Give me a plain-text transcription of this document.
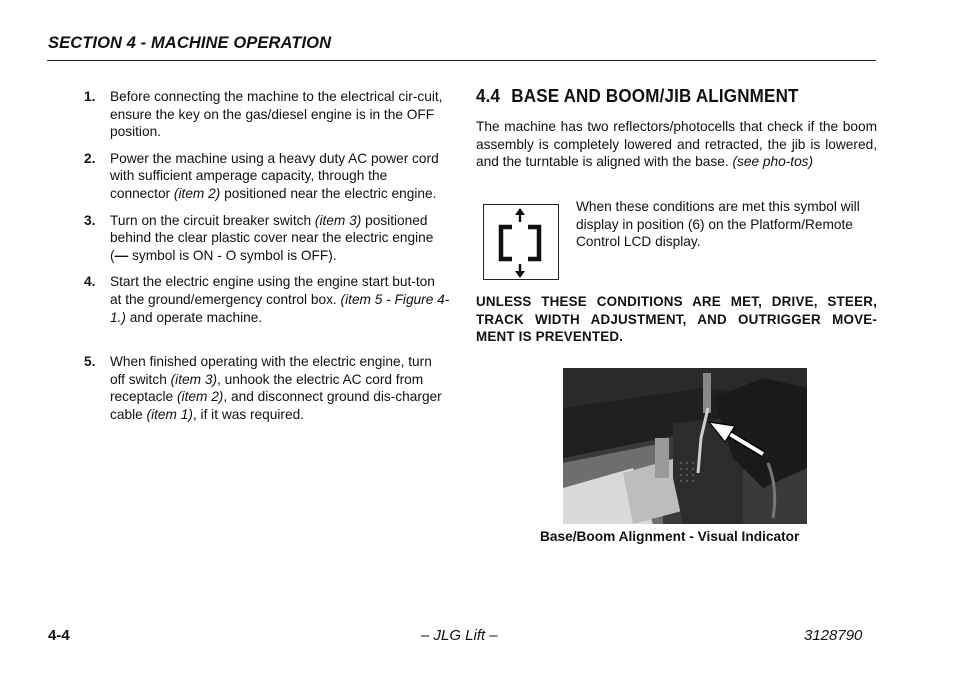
SECTION 4 - MACHINE OPERATION
1.	Before connecting the machine to the electrical cir-cuit, ensure the key on the gas/diesel engine is in the OFF position.
2.	Power the machine using a heavy duty AC power cord with sufficient amperage capacity, through the connector (item 2) positioned near the electric engine.
3.	Turn on the circuit breaker switch (item 3) positioned behind the clear plastic cover near the electric engine (— symbol is ON - O symbol is OFF).
4.	Start the electric engine using the engine start but-ton at the ground/emergency control box. (item 5 - Figure 4-1.) and operate machine.
5.	When finished operating with the electric engine, turn off switch (item 3), unhook the electric AC cord from receptacle (item 2), and disconnect ground dis-charger cable (item 1), if it was required.
4.4 BASE AND BOOM/JIB ALIGNMENT
The machine has two reflectors/photocells that check if the boom assembly is completely lowered and retracted, the jib is lowered, and the turntable is aligned with the base. (see pho-tos)
When these conditions are met this symbol will display in position (6) on the Platform/Remote Control LCD display.
UNLESS THESE CONDITIONS ARE MET, DRIVE, STEER, TRACK WIDTH ADJUSTMENT, AND OUTRIGGER MOVE-MENT IS PREVENTED.
Base/Boom Alignment - Visual Indicator
4-4	– JLG Lift –	3128790
